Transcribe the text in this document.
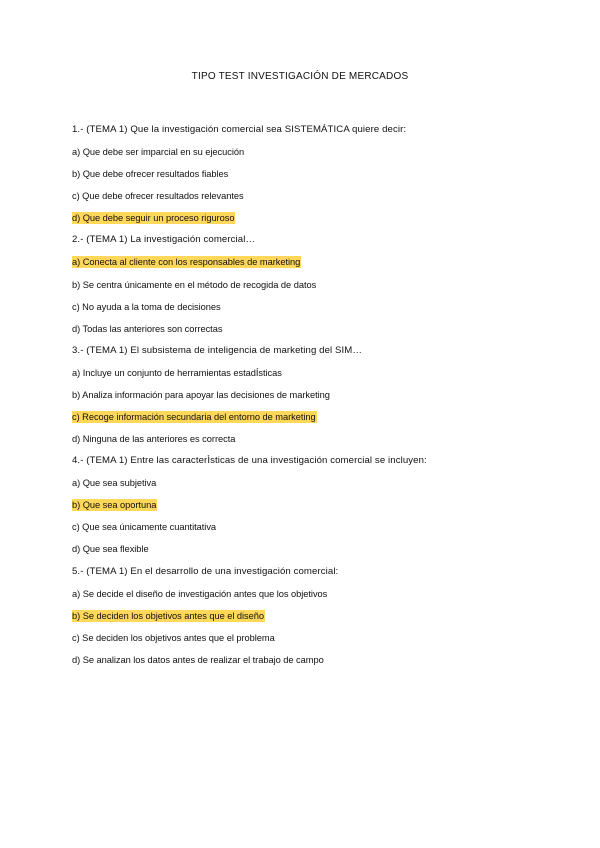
TIPO TEST INVESTIGACIÓN DE MERCADOS
1.- (TEMA 1) Que la investigación comercial sea SISTEMÁTICA quiere decir:
a) Que debe ser imparcial en su ejecución
b) Que debe ofrecer resultados fiables
c) Que debe ofrecer resultados relevantes
d) Que debe seguir un proceso riguroso
2.- (TEMA 1) La investigación comercial…
a) Conecta al cliente con los responsables de marketing
b) Se centra únicamente en el método de recogida de datos
c) No ayuda a la toma de decisiones
d) Todas las anteriores son correctas
3.- (TEMA 1) El subsistema de inteligencia de marketing del SIM…
a) Incluye un conjunto de herramientas estadÍsticas
b) Analiza información para apoyar las decisiones de marketing
c) Recoge información secundaria del entorno de marketing
d) Ninguna de las anteriores es correcta
4.- (TEMA 1) Entre las caracterÌsticas de una investigación comercial se incluyen:
a) Que sea subjetiva
b) Que sea oportuna
c) Que sea únicamente cuantitativa
d) Que sea flexible
5.- (TEMA 1) En el desarrollo de una investigación comercial:
a) Se decide el diseño de investigación antes que los objetivos
b) Se deciden los objetivos antes que el diseño
c) Se deciden los objetivos antes que el problema
d) Se analizan los datos antes de realizar el trabajo de campo
